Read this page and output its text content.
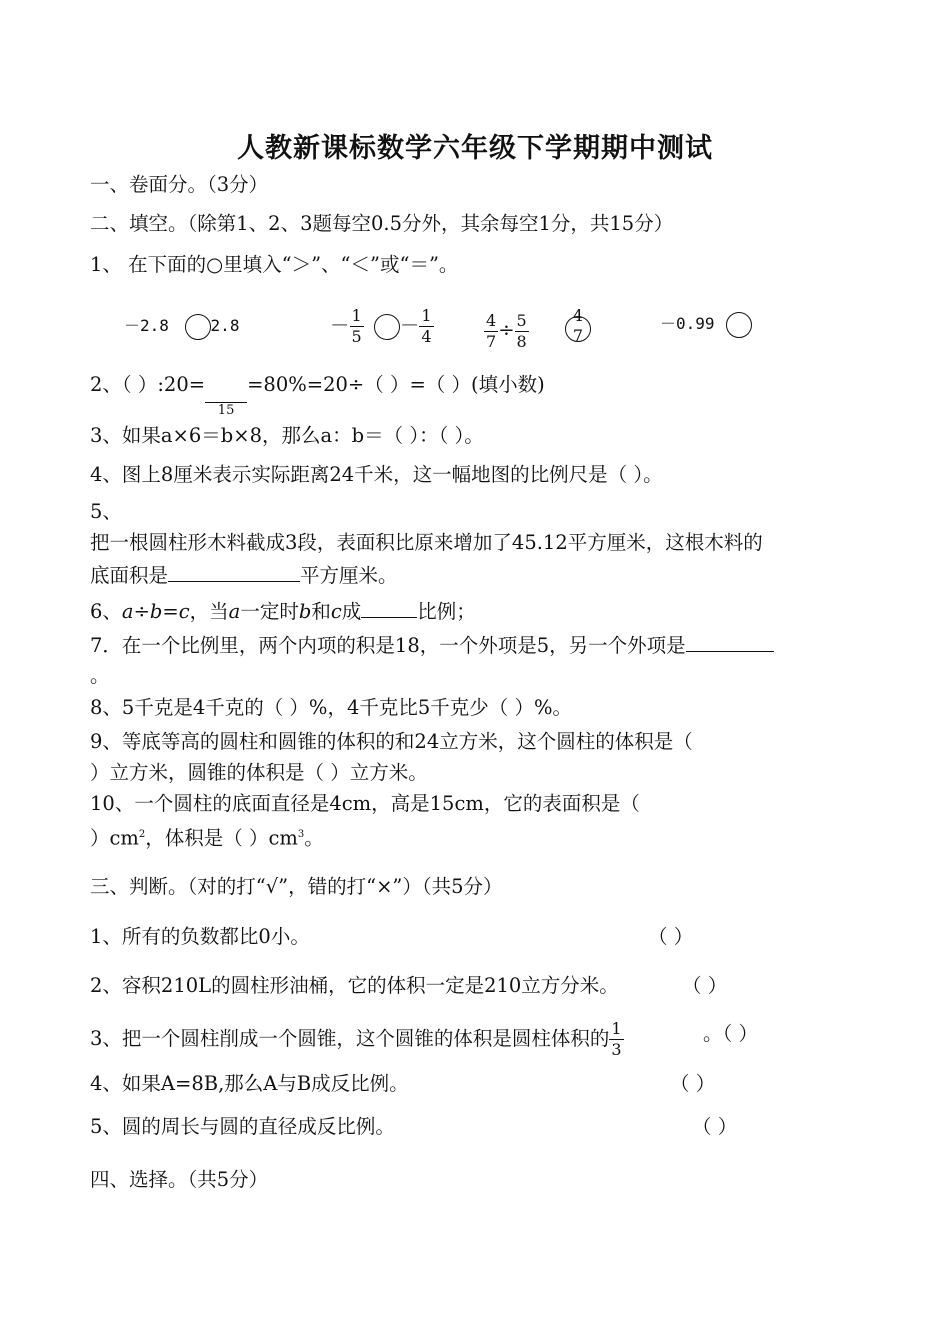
人教新课标数学六年级下学期期中测试
一、卷面分。（3分）
二、填空。（除第1、2、3题每空0.5分外，其余每空1分，共15分）
1、 在下面的○里填入“＞”、“＜”或“＝”。
－2.8	2.8	－ $\frac{1}{5} - \frac{1}{4}$	$\frac{4}{7} \div \frac{5}{8}$
	4
7
－0.99
2、（ ）:20=
15
=80%=20÷（ ）=（ ）(填小数)
3、如果a×6＝b×8，那么a：b＝（ ）：（ ）。
4、图上8厘米表示实际距离24千米，这一幅地图的比例尺是（ ）。
5、
把一根圆柱形木料截成3段，表面积比原来增加了45.12平方厘米，这根木料的
底面积是	平方厘米。
6、a÷b=c，当a一定时b和c成	比例；
7．在一个比例里，两个内项的积是18，一个外项是5，另一个外项是
。
8、5千克是4千克的（ ）%，4千克比5千克少（ ）%。
9、等底等高的圆柱和圆锥的体积的和24立方米，这个圆柱的体积是（
）立方米，圆锥的体积是（ ）立方米。
10、一个圆柱的底面直径是4cm，高是15cm，它的表面积是（
）$cm^2$，体积是（ ）$cm^3$。
三、判断。（对的打“√”，错的打“×”）（共5分）
1、所有的负数都比0小。	（ ）
2、容积210L的圆柱形油桶，它的体积一定是210立方分米。	（ ）
3、把一个圆柱削成一个圆锥，这个圆锥的体积是圆柱体积的 $\frac{1}{3}$	。（ ）
4、如果A=8B,那么A与B成反比例。	（ ）
5、圆的周长与圆的直径成反比例。	（ ）
四、选择。（共5分）
